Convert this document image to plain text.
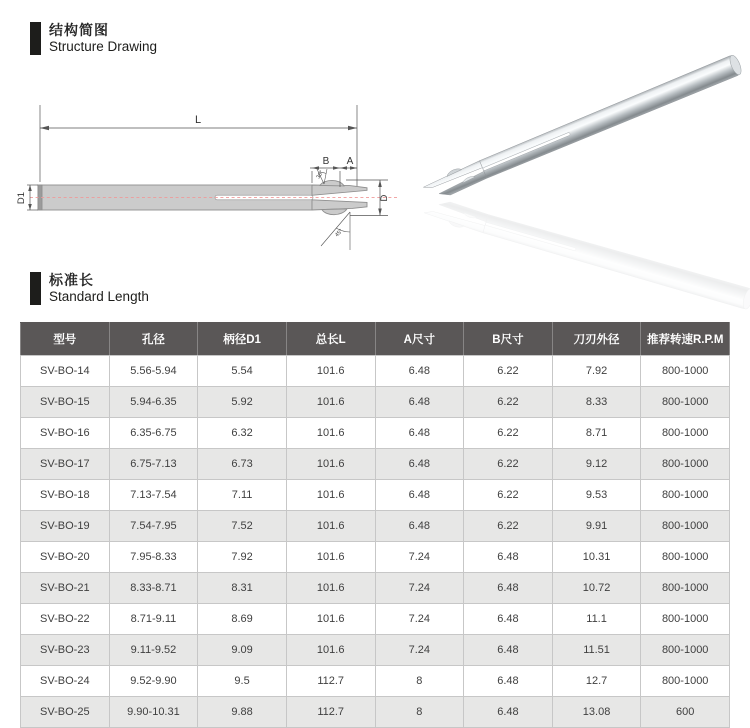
结构简图
Structure Drawing
L
B A
D1	D
30°
45°
标准长
Standard Length
型号	孔径	柄径D1	总长L	A尺寸	B尺寸	刀刃外径	推荐转速R.P.M
SV-BO-14	5.56-5.94	5.54	101.6	6.48	6.22	7.92	800-1000
SV-BO-15	5.94-6.35	5.92	101.6	6.48	6.22	8.33	800-1000
SV-BO-16	6.35-6.75	6.32	101.6	6.48	6.22	8.71	800-1000
SV-BO-17	6.75-7.13	6.73	101.6	6.48	6.22	9.12	800-1000
SV-BO-18	7.13-7.54	7.11	101.6	6.48	6.22	9.53	800-1000
SV-BO-19	7.54-7.95	7.52	101.6	6.48	6.22	9.91	800-1000
SV-BO-20	7.95-8.33	7.92	101.6	7.24	6.48	10.31	800-1000
SV-BO-21	8.33-8.71	8.31	101.6	7.24	6.48	10.72	800-1000
SV-BO-22	8.71-9.11	8.69	101.6	7.24	6.48	11.1	800-1000
SV-BO-23	9.11-9.52	9.09	101.6	7.24	6.48	11.51	800-1000
SV-BO-24	9.52-9.90	9.5	112.7	8	6.48	12.7	800-1000
SV-BO-25	9.90-10.31	9.88	112.7	8	6.48	13.08	600
